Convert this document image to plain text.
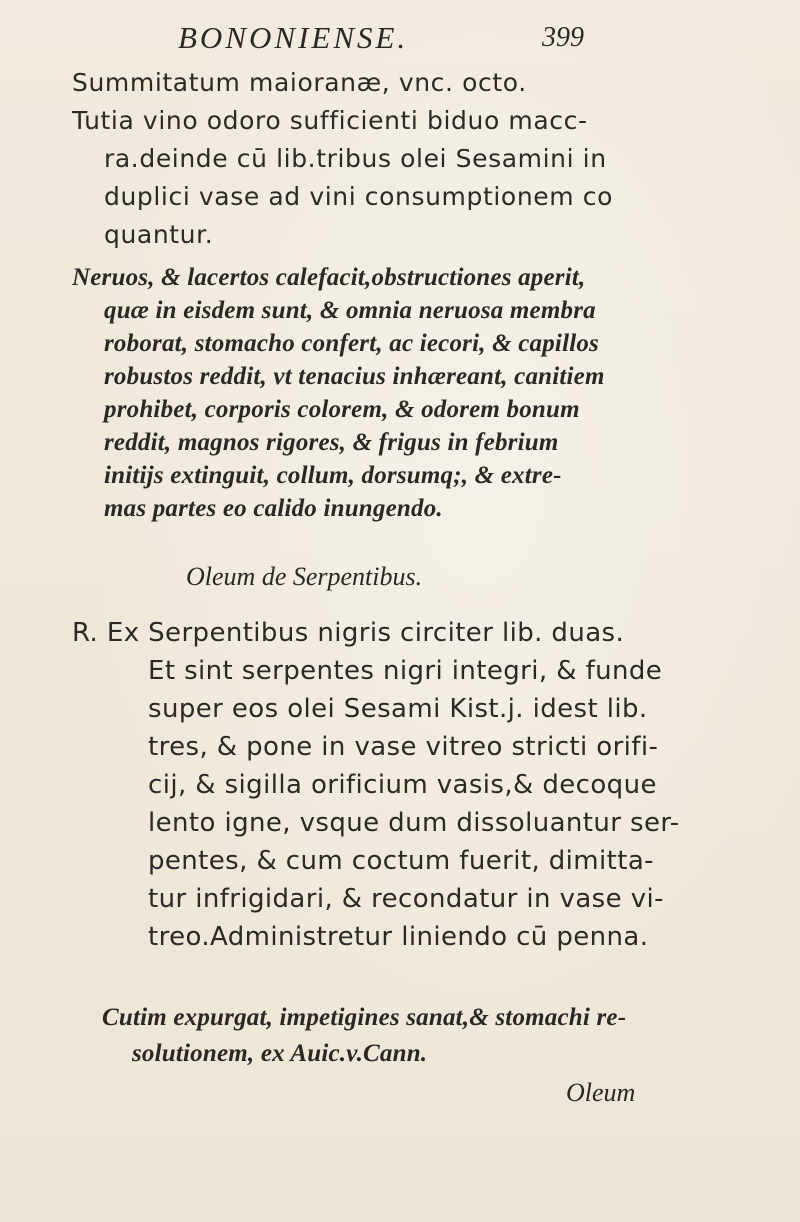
BONONIENSE.	399
Summitatum maioranæ, vnc. octo.
Tutia vino odoro sufficienti biduo macc-
ra.deinde cū lib.tribus olei Sesamini in
duplici vase ad vini consumptionem co
quantur.
Neruos, & lacertos calefacit,obstructiones aperit,
quæ in eisdem sunt, & omnia neruosa membra
roborat, stomacho confert, ac iecori, & capillos
robustos reddit, vt tenacius inhæreant, canitiem
prohibet, corporis colorem, & odorem bonum
reddit, magnos rigores, & frigus in febrium
initijs extinguit, collum, dorsumq;, & extre-
mas partes eo calido inungendo.
Oleum de Serpentibus.
R. Ex Serpentibus nigris circiter lib. duas.
Et sint serpentes nigri integri, & funde
super eos olei Sesami Kist.j. idest lib.
tres, & pone in vase vitreo stricti orifi-
cij, & sigilla orificium vasis,& decoque
lento igne, vsque dum dissoluantur ser-
pentes, & cum coctum fuerit, dimitta-
tur infrigidari, & recondatur in vase vi-
treo.Administretur liniendo cū penna.
Cutim expurgat, impetigines sanat,& stomachi re-
solutionem, ex Auic.v.Cann.
Oleum
